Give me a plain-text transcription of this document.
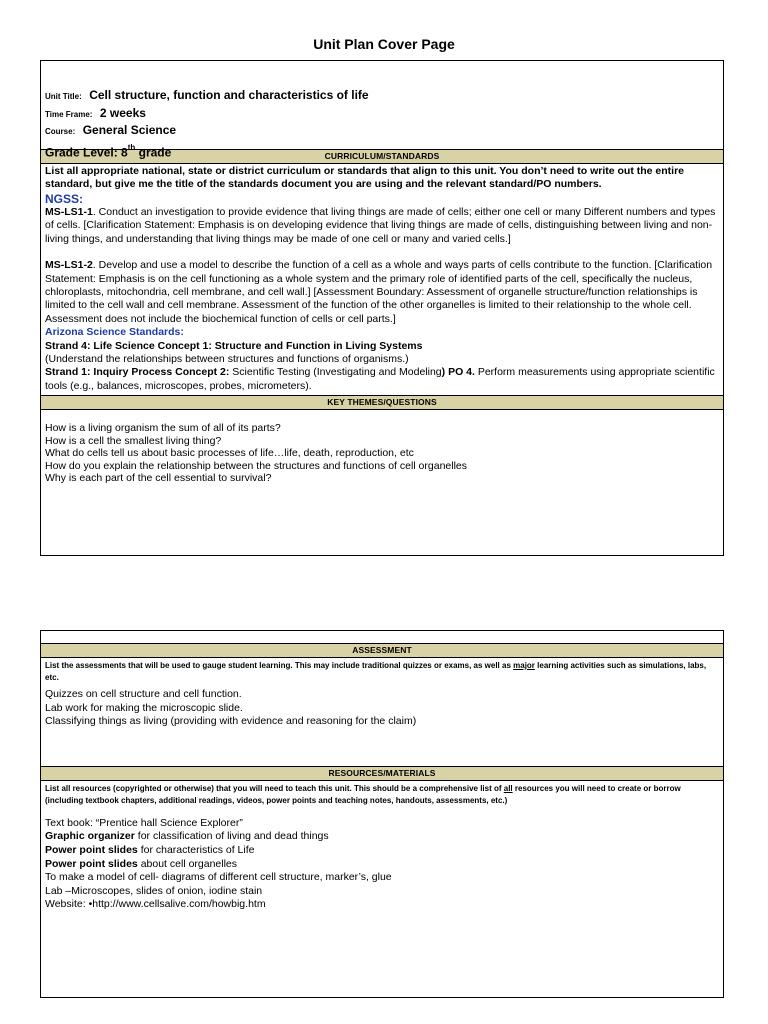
Unit Plan Cover Page
Unit Title: Cell structure, function and characteristics of life
Time Frame: 2 weeks
Course: General Science
Grade Level: 8th grade	CURRICULUM/STANDARDS
List all appropriate national, state or district curriculum or standards that align to this unit. You don’t need to write out the entire standard, but give me the title of the standards document you are using and the relevant standard/PO numbers.
NGSS:
MS-LS1-1. Conduct an investigation to provide evidence that living things are made of cells; either one cell or many Different numbers and types of cells. [Clarification Statement: Emphasis is on developing evidence that living things are made of cells, distinguishing between living and non-living things, and understanding that living things may be made of one cell or many and varied cells.]
MS-LS1-2. Develop and use a model to describe the function of a cell as a whole and ways parts of cells contribute to the function. [Clarification Statement: Emphasis is on the cell functioning as a whole system and the primary role of identified parts of the cell, specifically the nucleus, chloroplasts, mitochondria, cell membrane, and cell wall.] [Assessment Boundary: Assessment of organelle structure/function relationships is limited to the cell wall and cell membrane. Assessment of the function of the other organelles is limited to their relationship to the whole cell. Assessment does not include the biochemical function of cells or cell parts.]
Arizona Science Standards:
Strand 4: Life Science Concept 1: Structure and Function in Living Systems
(Understand the relationships between structures and functions of organisms.)
Strand 1: Inquiry Process Concept 2: Scientific Testing (Investigating and Modeling) PO 4. Perform measurements using appropriate scientific tools (e.g., balances, microscopes, probes, micrometers).
KEY THEMES/QUESTIONS
How is a living organism the sum of all of its parts?
How is a cell the smallest living thing?
What do cells tell us about basic processes of life…life, death, reproduction, etc
How do you explain the relationship between the structures and functions of cell organelles
Why is each part of the cell essential to survival?
ASSESSMENT
List the assessments that will be used to gauge student learning. This may include traditional quizzes or exams, as well as major learning activities such as simulations, labs, etc.
Quizzes on cell structure and cell function.
Lab work for making the microscopic slide.
Classifying things as living (providing with evidence and reasoning for the claim)
RESOURCES/MATERIALS
List all resources (copyrighted or otherwise) that you will need to teach this unit. This should be a comprehensive list of all resources you will need to create or borrow (including textbook chapters, additional readings, videos, power points and teaching notes, handouts, assessments, etc.)
Text book: “Prentice hall Science Explorer”
Graphic organizer for classification of living and dead things
Power point slides for characteristics of Life
Power point slides about cell organelles
To make a model of cell- diagrams of different cell structure, marker’s, glue
Lab –Microscopes, slides of onion, iodine stain
Website: •http://www.cellsalive.com/howbig.htm
